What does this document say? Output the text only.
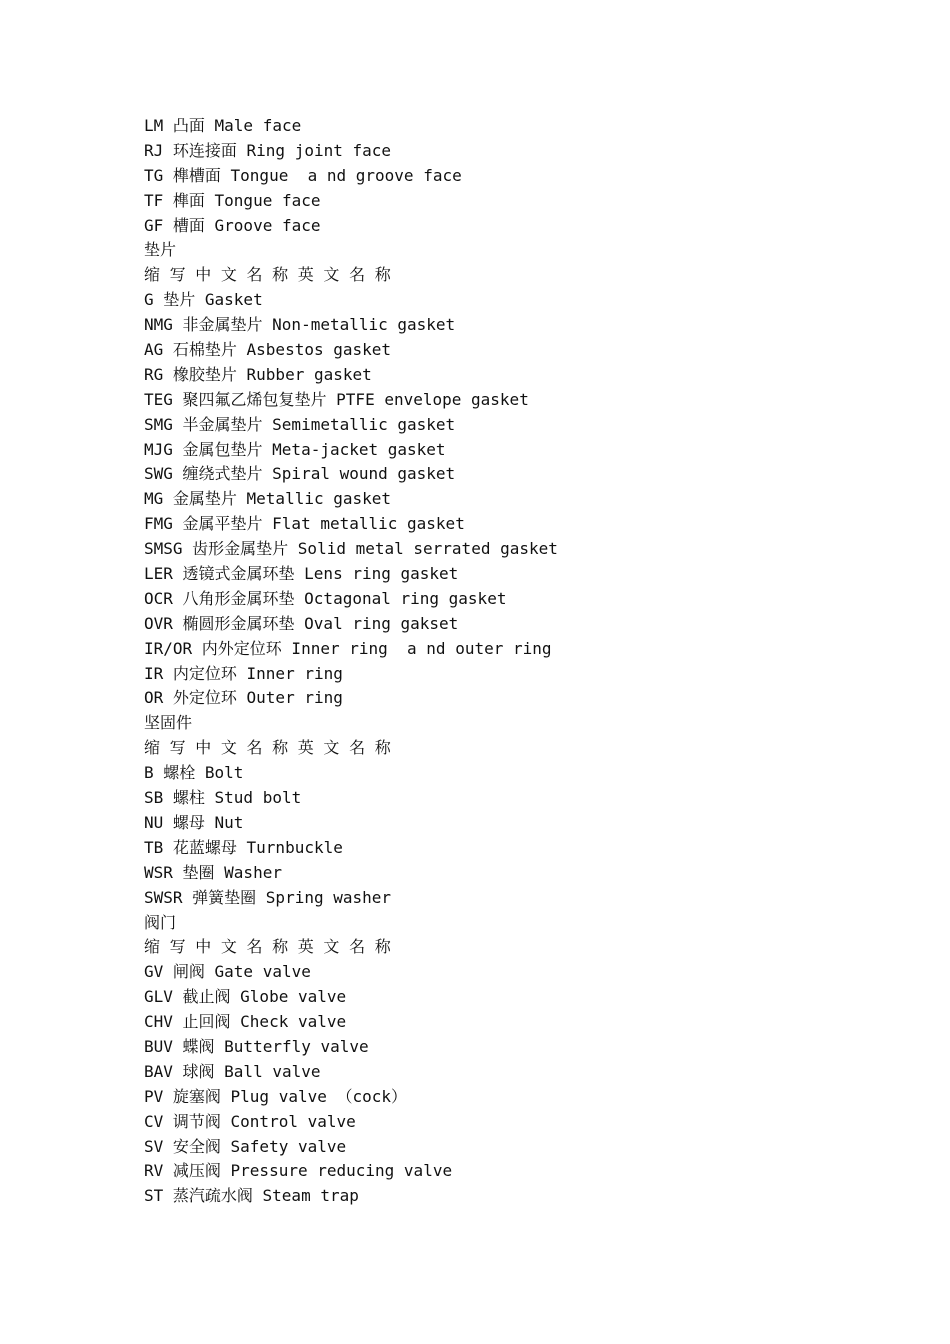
LM 凸面 Male face
RJ 环连接面 Ring joint face
TG 榫槽面 Tongue  a nd groove face
TF 榫面 Tongue face
GF 槽面 Groove face
垫片
缩 写 中 文 名 称 英 文 名 称
G 垫片 Gasket
NMG 非金属垫片 Non-metallic gasket
AG 石棉垫片 Asbestos gasket
RG 橡胶垫片 Rubber gasket
TEG 聚四氟乙烯包复垫片 PTFE envelope gasket
SMG 半金属垫片 Semimetallic gasket
MJG 金属包垫片 Meta-jacket gasket
SWG 缠绕式垫片 Spiral wound gasket
MG 金属垫片 Metallic gasket
FMG 金属平垫片 Flat metallic gasket
SMSG 齿形金属垫片 Solid metal serrated gasket
LER 透镜式金属环垫 Lens ring gasket
OCR 八角形金属环垫 Octagonal ring gasket
OVR 椭圆形金属环垫 Oval ring gakset
IR/OR 内外定位环 Inner ring  a nd outer ring
IR 内定位环 Inner ring
OR 外定位环 Outer ring
坚固件
缩 写 中 文 名 称 英 文 名 称
B 螺栓 Bolt
SB 螺柱 Stud bolt
NU 螺母 Nut
TB 花蓝螺母 Turnbuckle
WSR 垫圈 Washer
SWSR 弹簧垫圈 Spring washer
阀门
缩 写 中 文 名 称 英 文 名 称
GV 闸阀 Gate valve
GLV 截止阀 Globe valve
CHV 止回阀 Check valve
BUV 蝶阀 Butterfly valve
BAV 球阀 Ball valve
PV 旋塞阀 Plug valve （cock）
CV 调节阀 Control valve
SV 安全阀 Safety valve
RV 减压阀 Pressure reducing valve
ST 蒸汽疏水阀 Steam trap
